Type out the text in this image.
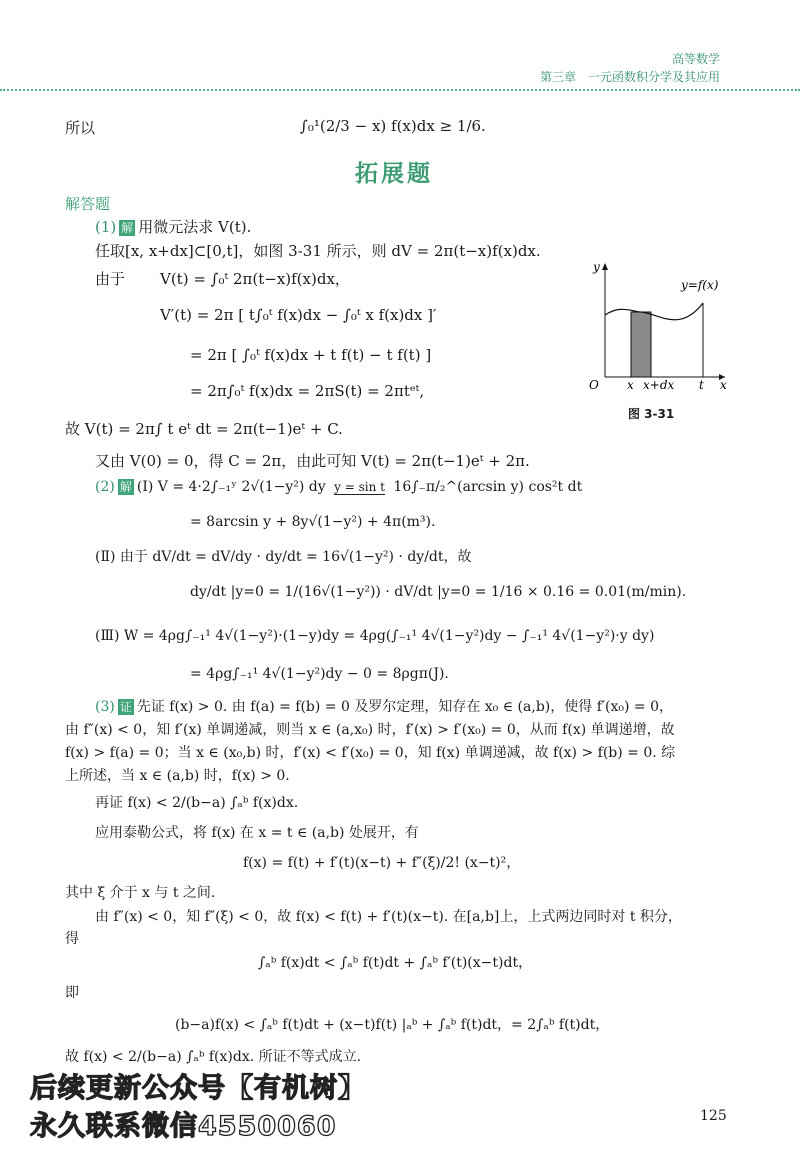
高等数学
第三章　一元函数积分学及其应用
所以	∫₀¹(2/3 − x) f(x)dx ≥ 1/6.
拓展题
解答题
(1) 解 用微元法求 V(t).
任取[x, x+dx]⊂[0,t]，如图 3-31 所示，则 dV = 2π(t−x)f(x)dx.
由于 V(t) = ∫₀ᵗ 2π(t−x)f(x)dx，
V′(t) = 2π [ t∫₀ᵗ f(x)dx − ∫₀ᵗ x f(x)dx ]′
= 2π [ ∫₀ᵗ f(x)dx + t f(t) − t f(t) ]
= 2π∫₀ᵗ f(x)dx = 2πS(t) = 2πtᵉᵗ,
故 V(t) = 2π∫ t eᵗ dt = 2π(t−1)eᵗ + C.
又由 V(0) = 0，得 C = 2π，由此可知 V(t) = 2π(t−1)eᵗ + 2π.
y
y=f(x)
O x x+dx t x
图 3-31
(2) 解 (Ⅰ) V = 4·2∫₋₁ʸ 2√(1−y²) dy y = sin t 16∫₋π/₂^(arcsin y) cos²t dt
= 8arcsin y + 8y√(1−y²) + 4π(m³).
(Ⅱ) 由于 dV/dt = dV/dy · dy/dt = 16√(1−y²) · dy/dt，故
dy/dt |y=0 = 1/(16√(1−y²)) · dV/dt |y=0 = 1/16 × 0.16 = 0.01(m/min).
(Ⅲ) W = 4ρg∫₋₁¹ 4√(1−y²)·(1−y)dy = 4ρg(∫₋₁¹ 4√(1−y²)dy − ∫₋₁¹ 4√(1−y²)·y dy)
= 4ρg∫₋₁¹ 4√(1−y²)dy − 0 = 8ρgπ(J).
(3) 证 先证 f(x) > 0. 由 f(a) = f(b) = 0 及罗尔定理，知存在 x₀ ∈ (a,b)，使得 f′(x₀) = 0，
由 f″(x) < 0，知 f′(x) 单调递减，则当 x ∈ (a,x₀) 时，f′(x) > f′(x₀) = 0，从而 f(x) 单调递增，故
f(x) > f(a) = 0；当 x ∈ (x₀,b) 时，f′(x) < f′(x₀) = 0，知 f(x) 单调递减，故 f(x) > f(b) = 0. 综
上所述，当 x ∈ (a,b) 时，f(x) > 0.
再证 f(x) < 2/(b−a) ∫ₐᵇ f(x)dx.
应用泰勒公式，将 f(x) 在 x = t ∈ (a,b) 处展开，有
f(x) = f(t) + f′(t)(x−t) + f″(ξ)/2! (x−t)²，
其中 ξ 介于 x 与 t 之间.
由 f″(x) < 0，知 f″(ξ) < 0，故 f(x) < f(t) + f′(t)(x−t). 在[a,b]上，上式两边同时对 t 积分，
得
∫ₐᵇ f(x)dt < ∫ₐᵇ f(t)dt + ∫ₐᵇ f′(t)(x−t)dt，
即
(b−a)f(x) < ∫ₐᵇ f(t)dt + (x−t)f(t) |ₐᵇ + ∫ₐᵇ f(t)dt，= 2∫ₐᵇ f(t)dt，
故 f(x) < 2/(b−a) ∫ₐᵇ f(x)dx. 所证不等式成立.
125
后续更新公众号【有机树】
永久联系微信4550060
